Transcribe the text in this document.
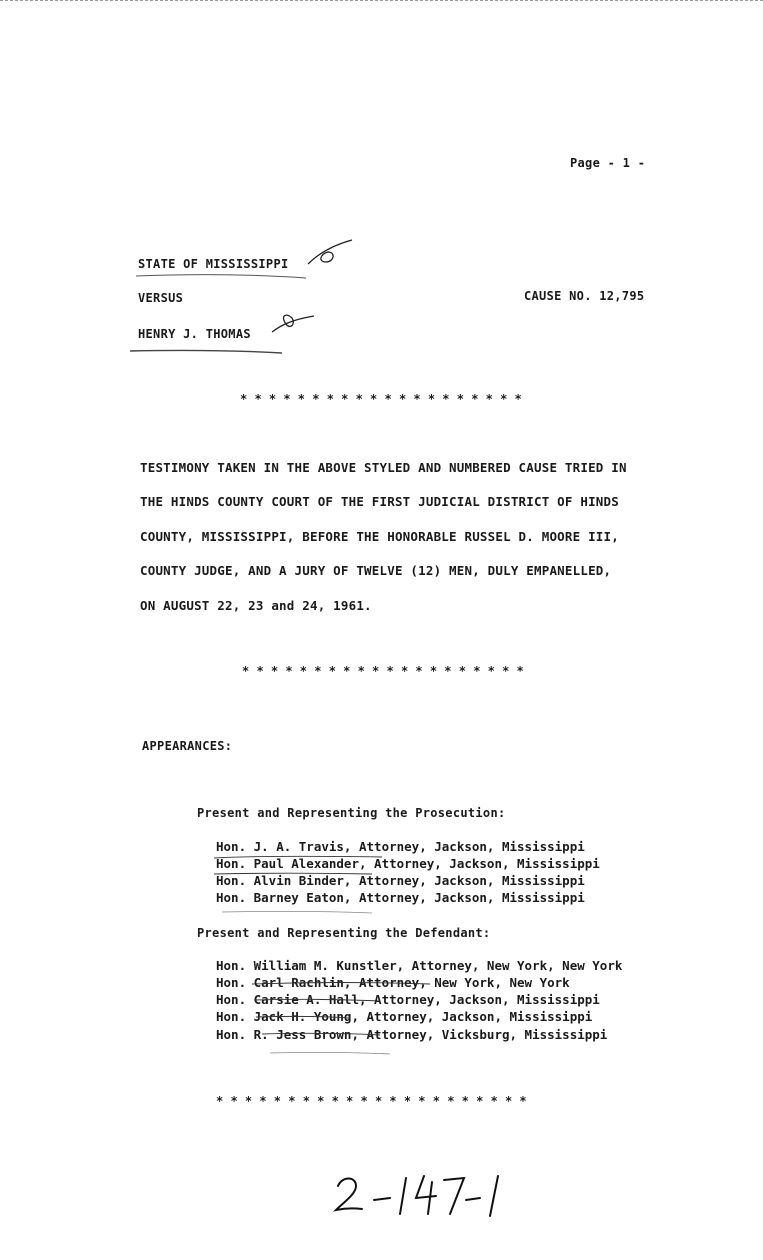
Page - 1 -
STATE OF MISSISSIPPI
VERSUS	CAUSE NO. 12,795
HENRY J. THOMAS
* * * * * * * * * * * * * * * * * * * *
TESTIMONY TAKEN IN THE ABOVE STYLED AND NUMBERED CAUSE TRIED IN
THE HINDS COUNTY COURT OF THE FIRST JUDICIAL DISTRICT OF HINDS
COUNTY, MISSISSIPPI, BEFORE THE HONORABLE RUSSEL D. MOORE III,
COUNTY JUDGE, AND A JURY OF TWELVE (12) MEN, DULY EMPANELLED,
ON AUGUST 22, 23 and 24, 1961.
* * * * * * * * * * * * * * * * * * * *
APPEARANCES:
Present and Representing the Prosecution:
Hon. J. A. Travis, Attorney, Jackson, Mississippi
Hon. Paul Alexander, Attorney, Jackson, Mississippi
Hon. Alvin Binder, Attorney, Jackson, Mississippi
Hon. Barney Eaton, Attorney, Jackson, Mississippi
Present and Representing the Defendant:
Hon. William M. Kunstler, Attorney, New York, New York
Hon. Carl Rachlin, Attorney, New York, New York
Hon. Carsie A. Hall, Attorney, Jackson, Mississippi
Hon. Jack H. Young, Attorney, Jackson, Mississippi
Hon. R. Jess Brown, Attorney, Vicksburg, Mississippi
* * * * * * * * * * * * * * * * * * * * * *
